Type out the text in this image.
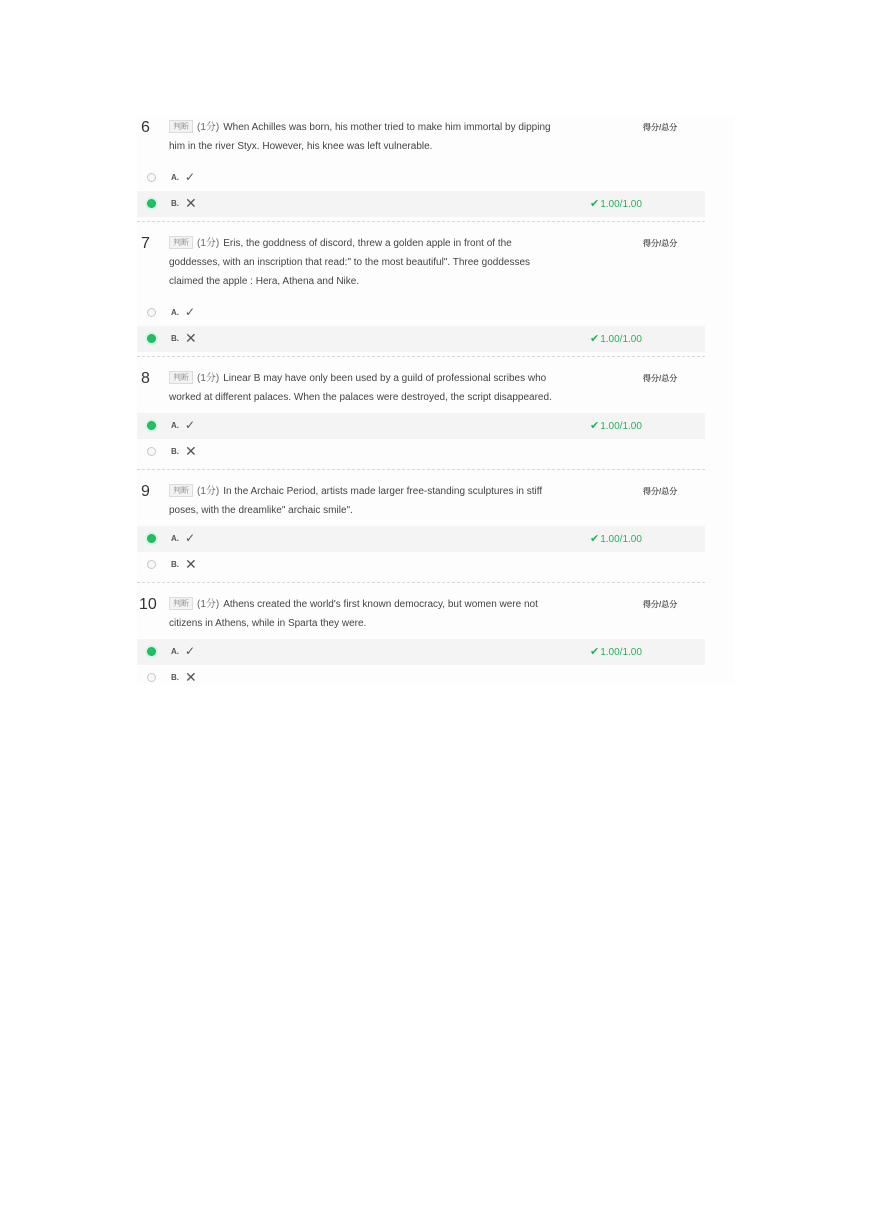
6	判断 (1分) When Achilles was born, his mother tried to make him immortal by dipping him in the river Styx. However, his knee was left vulnerable.
得分/总分
A. ✓
B. ✕	✔1.00/1.00
7	判断 (1分) Eris, the goddness of discord, threw a golden apple in front of the goddesses, with an inscription that read:" to the most beautiful". Three goddesses claimed the apple : Hera, Athena and Nike.
得分/总分
A. ✓
B. ✕	✔1.00/1.00
8	判断 (1分) Linear B may have only been used by a guild of professional scribes who worked at different palaces. When the palaces were destroyed, the script disappeared.
得分/总分
A. ✓	✔1.00/1.00
B. ✕
9	判断 (1分) In the Archaic Period, artists made larger free-standing sculptures in stiff poses, with the dreamlike" archaic smile".
得分/总分
A. ✓	✔1.00/1.00
B. ✕
10	判断 (1分) Athens created the world's first known democracy, but women were not citizens in Athens, while in Sparta they were.
得分/总分
A. ✓	✔1.00/1.00
B. ✕
